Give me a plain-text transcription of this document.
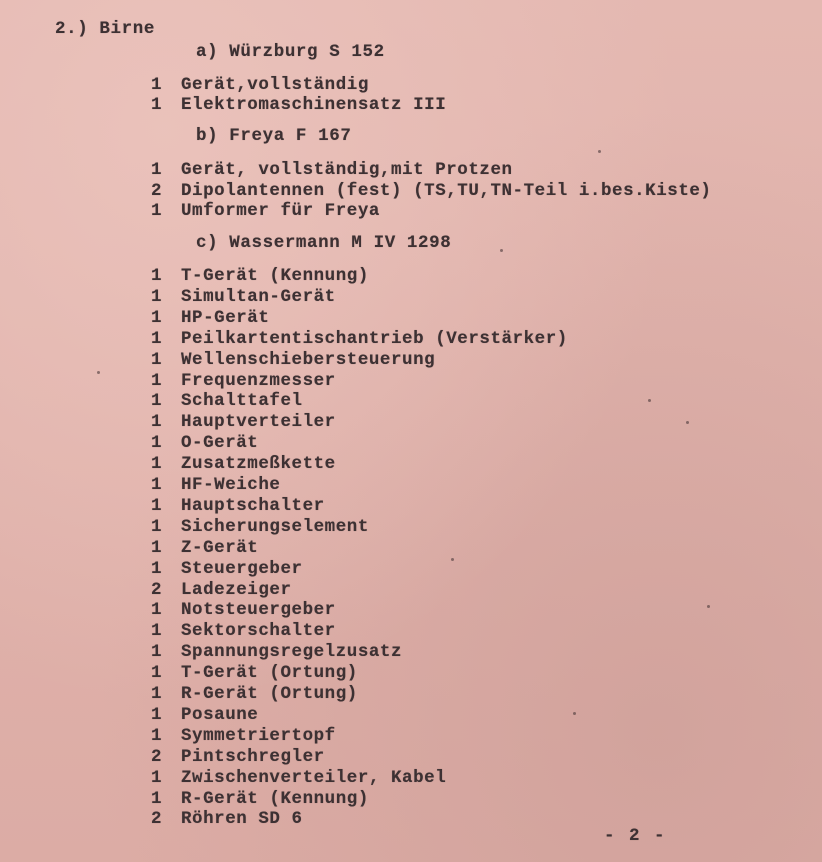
2.) Birne
a) Würzburg S 152
1	Gerät,vollständig
1	Elektromaschinensatz III
b) Freya F 167
1	Gerät, vollständig,mit Protzen
2	Dipolantennen (fest) (TS,TU,TN-Teil i.bes.Kiste)
1	Umformer für Freya
c) Wassermann M IV 1298
1	T-Gerät (Kennung)
1	Simultan-Gerät
1	HP-Gerät
1	Peilkartentischantrieb (Verstärker)
1	Wellenschiebersteuerung
1	Frequenzmesser
1	Schalttafel
1	Hauptverteiler
1	O-Gerät
1	Zusatzmeßkette
1	HF-Weiche
1	Hauptschalter
1	Sicherungselement
1	Z-Gerät
1	Steuergeber
2	Ladezeiger
1	Notsteuergeber
1	Sektorschalter
1	Spannungsregelzusatz
1	T-Gerät (Ortung)
1	R-Gerät (Ortung)
1	Posaune
1	Symmetriertopf
2	Pintschregler
1	Zwischenverteiler, Kabel
1	R-Gerät (Kennung)
2	Röhren SD 6
- 2 -
